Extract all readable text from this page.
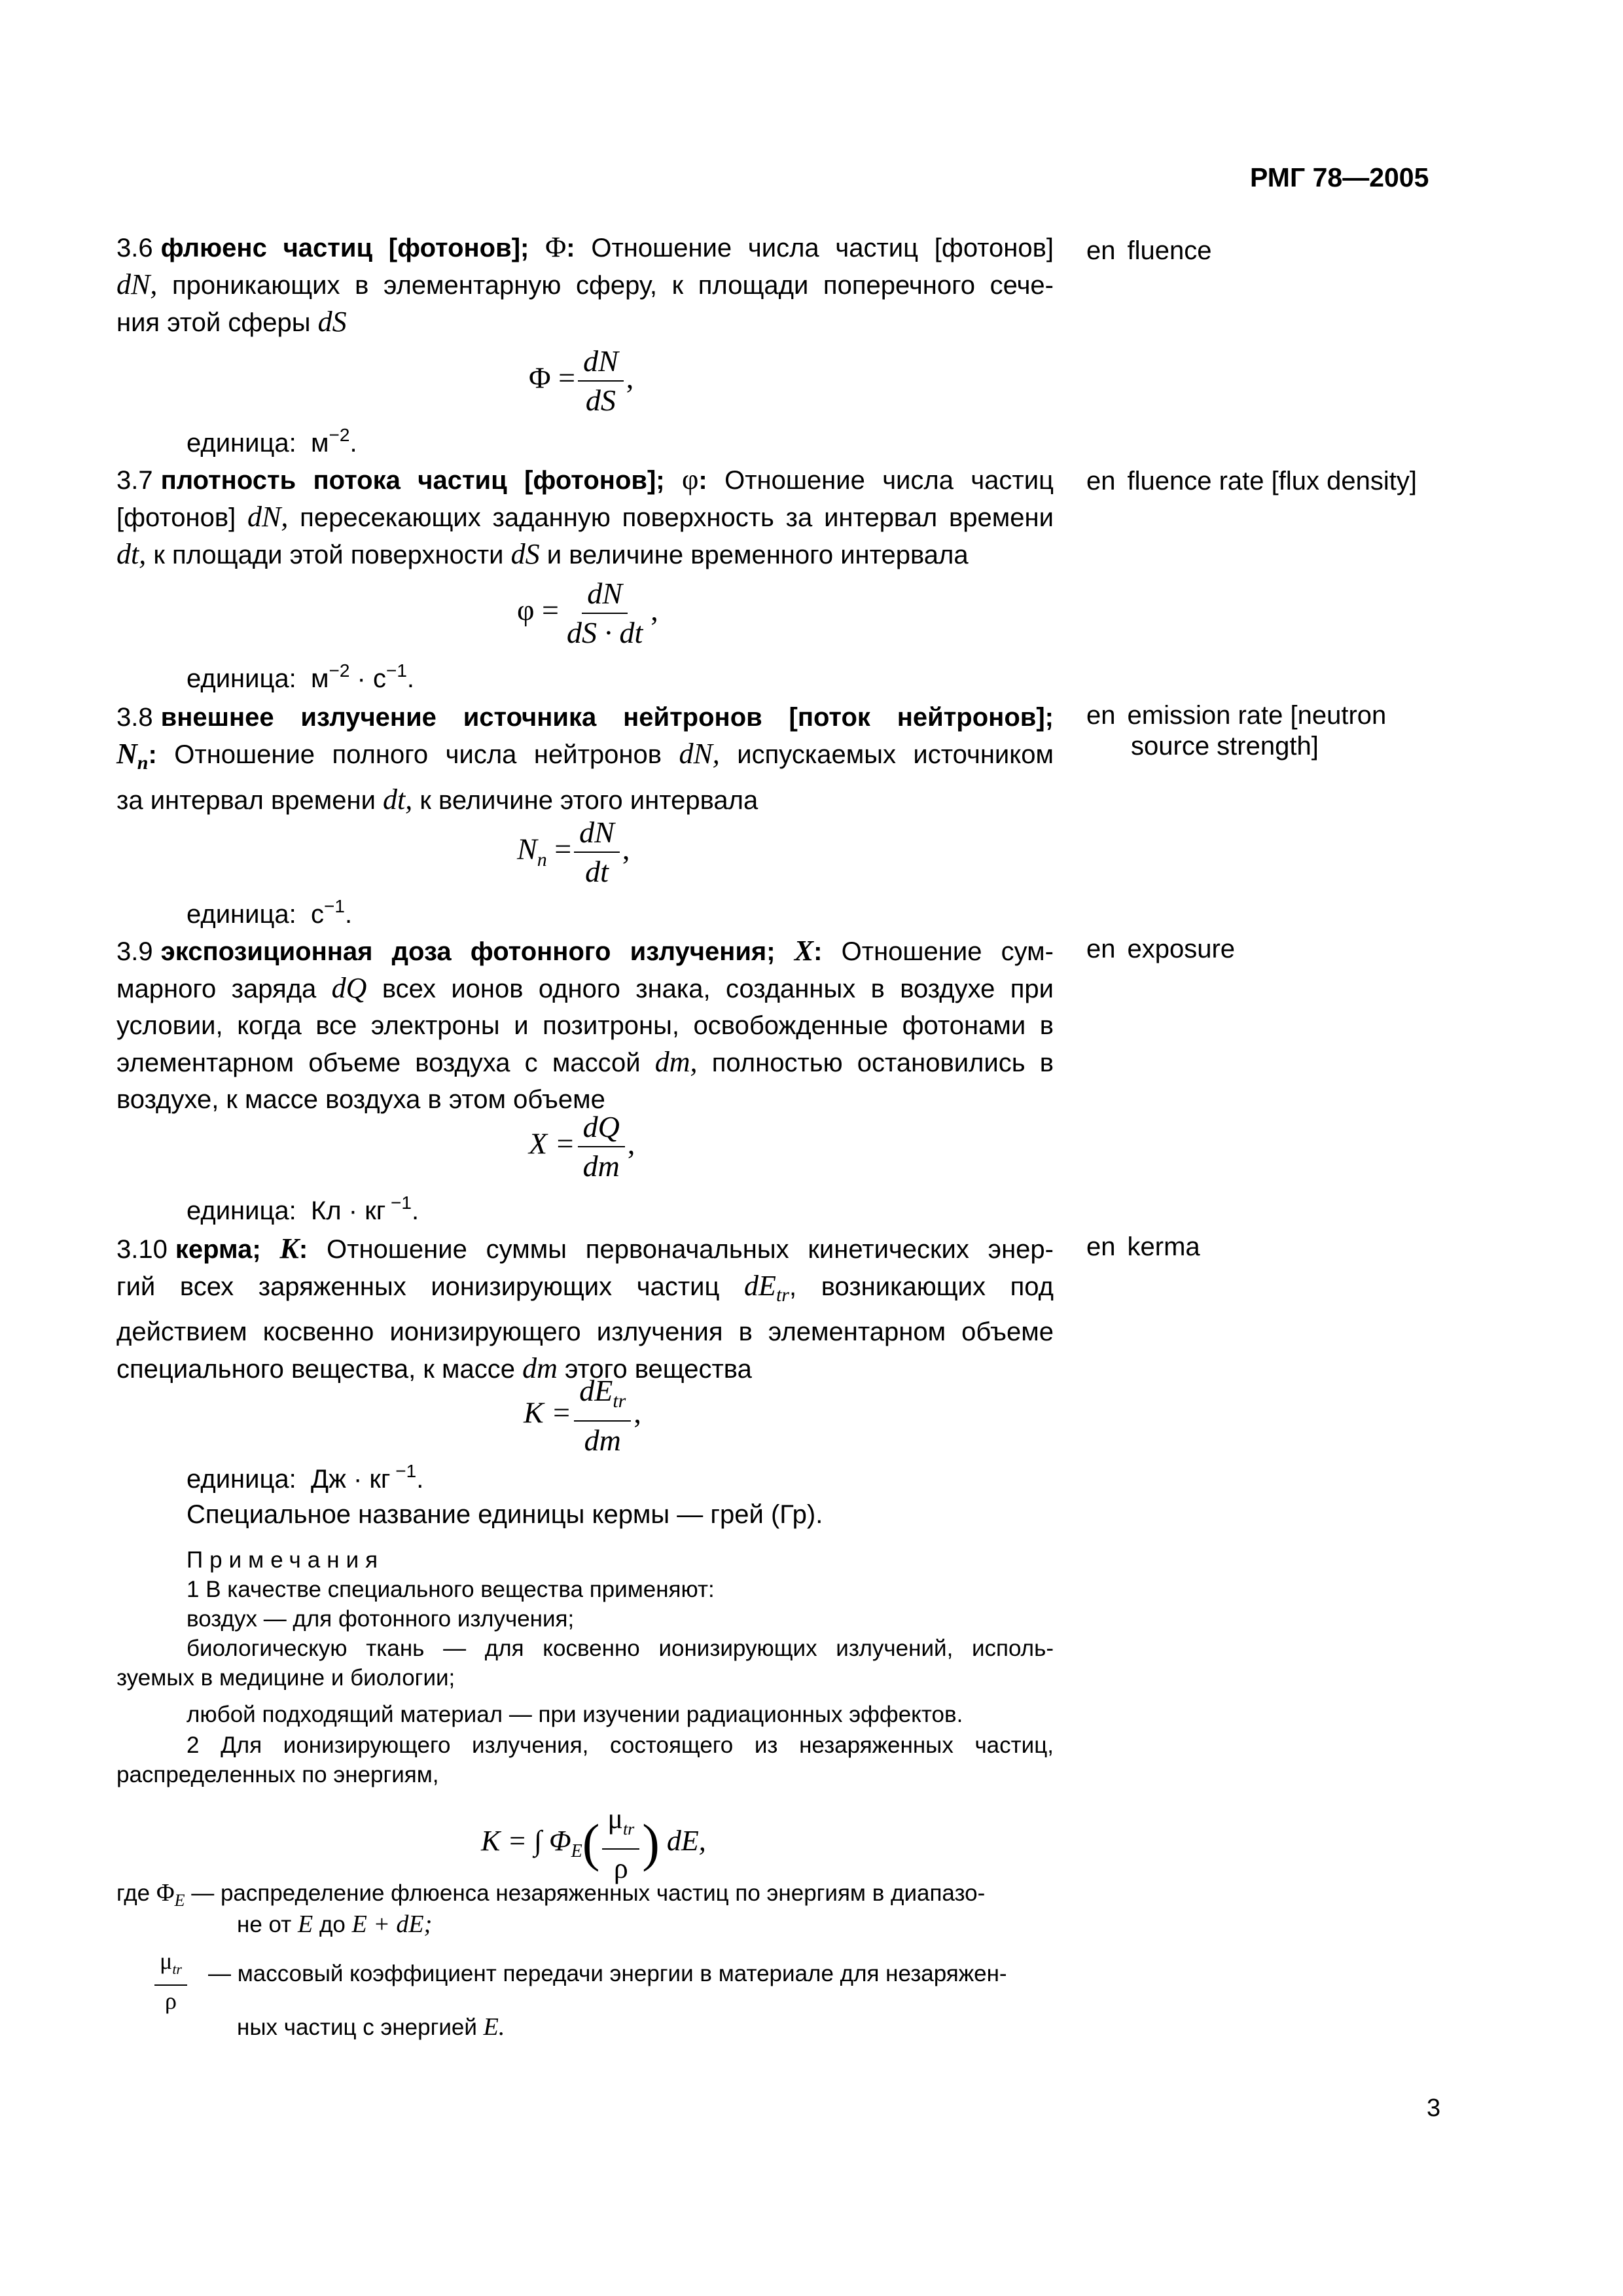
РМГ 78—2005
3.6 флюенс частиц [фотонов]; Φ: Отношение числа частиц [фотонов]
dN, проникающих в элементарную сферу, к площади поперечного сече-
ния этой сферы dS
en fluence
$\Phi = \frac{dN}{dS}$ ,
единица: $м^{-2}$.
3.7 плотность потока частиц [фотонов]; φ: Отношение числа частиц
[фотонов] dN, пересекающих заданную поверхность за интервал времени
dt, к площади этой поверхности dS и величине временного интервала
en fluence rate [flux density]
$\varphi = \frac{dN}{dS \cdot dt}$ ,
единица: $м^{-2} \cdot с^{-1}$.
3.8 внешнее излучение источника нейтронов [поток нейтронов];
$N_n$: Отношение полного числа нейтронов dN, испускаемых источником
за интервал времени dt, к величине этого интервала
en emission rate [neutron
source strength]
$N_n = \frac{dN}{dt}$ ,
единица: $с^{-1}$.
3.9 экспозиционная доза фотонного излучения; X: Отношение сум-
марного заряда dQ всех ионов одного знака, созданных в воздухе при
условии, когда все электроны и позитроны, освобожденные фотонами в
элементарном объеме воздуха с массой dm, полностью остановились в
воздухе, к массе воздуха в этом объеме
en exposure
$X = \frac{dQ}{dm}$ ,
единица: Кл · кг $^{-1}$.
3.10 керма; K: Отношение суммы первоначальных кинетических энер-
гий всех заряженных ионизирующих частиц $dE_{tr}$, возникающих под
действием косвенно ионизирующего излучения в элементарном объеме
специального вещества, к массе dm этого вещества
en kerma
$K = \frac{dE_{tr}}{dm}$ ,
единица: Дж · кг $^{-1}$.
Специальное название единицы кермы — грей (Гр).
Примечания
1 В качестве специального вещества применяют:
воздух — для фотонного излучения;
биологическую ткань — для косвенно ионизирующих излучений, исполь-
зуемых в медицине и биологии;
любой подходящий материал — при изучении радиационных эффектов.
2 Для ионизирующего излучения, состоящего из незаряженных частиц,
распределенных по энергиям,
K = ∫ $\Phi_E( \frac{\mu_{tr}}{\rho}$ ) dE,
где $\Phi_E$ — распределение флюенса незаряженных частиц по энергиям в диапазо-
не от E до E + dE;
$\frac{\mu_{tr}}{\rho}$ — массовый коэффициент передачи энергии в материале для незаряжен-
ных частиц с энергией E.
3
